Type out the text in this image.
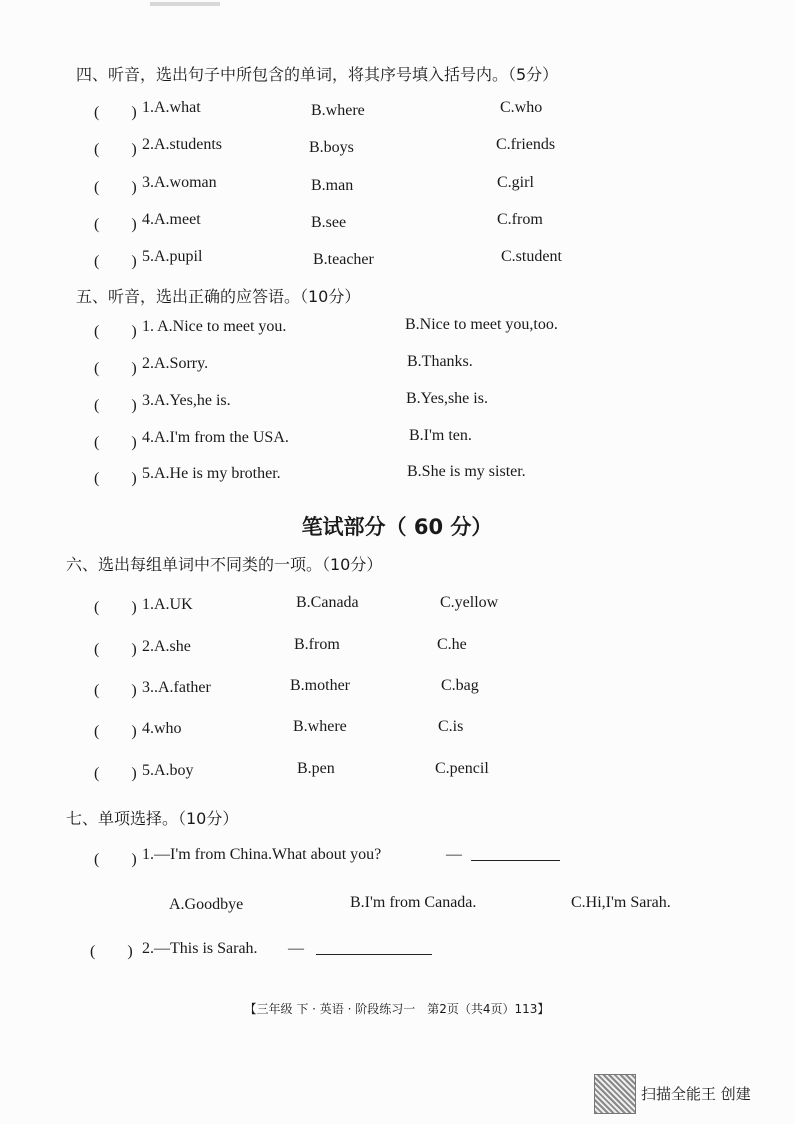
四、听音，选出句子中所包含的单词，将其序号填入括号内。（5分）
(　　) 1.A.what	B.where	C.who
(　　) 2.A.students	B.boys	C.friends
(　　) 3.A.woman	B.man	C.girl
(　　) 4.A.meet	B.see	C.from
(　　) 5.A.pupil	B.teacher	C.student
五、听音，选出正确的应答语。（10分）
(　　) 1. A.Nice to meet you.	B.Nice to meet you,too.
(　　) 2.A.Sorry.	B.Thanks.
(　　) 3.A.Yes,he is.	B.Yes,she is.
(　　) 4.A.I'm from the USA.	B.I'm ten.
(　　) 5.A.He is my brother.	B.She is my sister.
笔试部分（ 60 分）
六、选出每组单词中不同类的一项。（10分）
(　　) 1.A.UK	B.Canada	C.yellow
(　　) 2.A.she	B.from	C.he
(　　) 3..A.father	B.mother	C.bag
(　　) 4.who	B.where	C.is
(　　) 5.A.boy	B.pen	C.pencil
七、单项选择。（10分）
(　　) 1.—I'm from China.What about you?	—
A.Goodbye	B.I'm from Canada.	C.Hi,I'm Sarah.
(　　) 2.—This is Sarah. —
【三年级 下 · 英语 · 阶段练习一　第2页（共4页）113】
扫描全能王 创建
